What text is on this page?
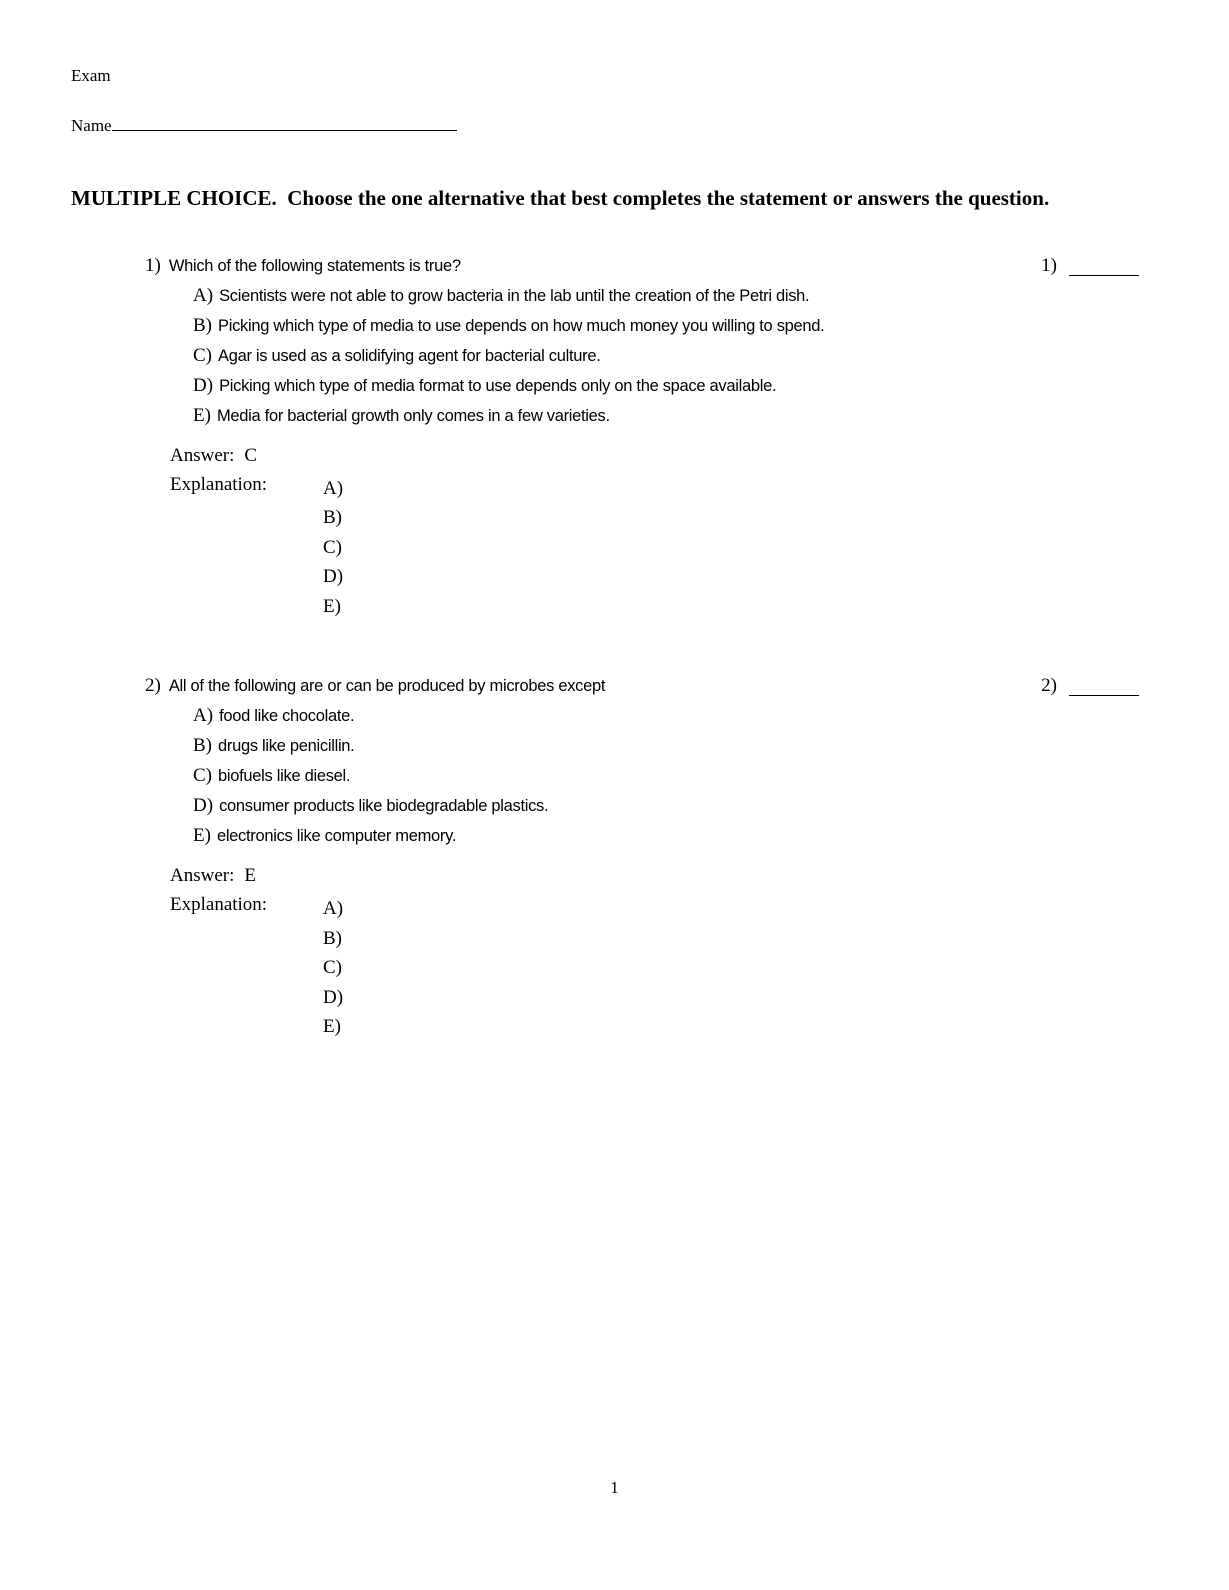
Exam
Name
MULTIPLE CHOICE.  Choose the one alternative that best completes the statement or answers the question.
1) Which of the following statements is true?	1)
A) Scientists were not able to grow bacteria in the lab until the creation of the Petri dish.
B) Picking which type of media to use depends on how much money you willing to spend.
C) Agar is used as a solidifying agent for bacterial culture.
D) Picking which type of media format to use depends only on the space available.
E) Media for bacterial growth only comes in a few varieties.
Answer: C
Explanation:	A)
B)
C)
D)
E)
2) All of the following are or can be produced by microbes except	2)
A) food like chocolate.
B) drugs like penicillin.
C) biofuels like diesel.
D) consumer products like biodegradable plastics.
E) electronics like computer memory.
Answer: E
Explanation:	A)
B)
C)
D)
E)
1
